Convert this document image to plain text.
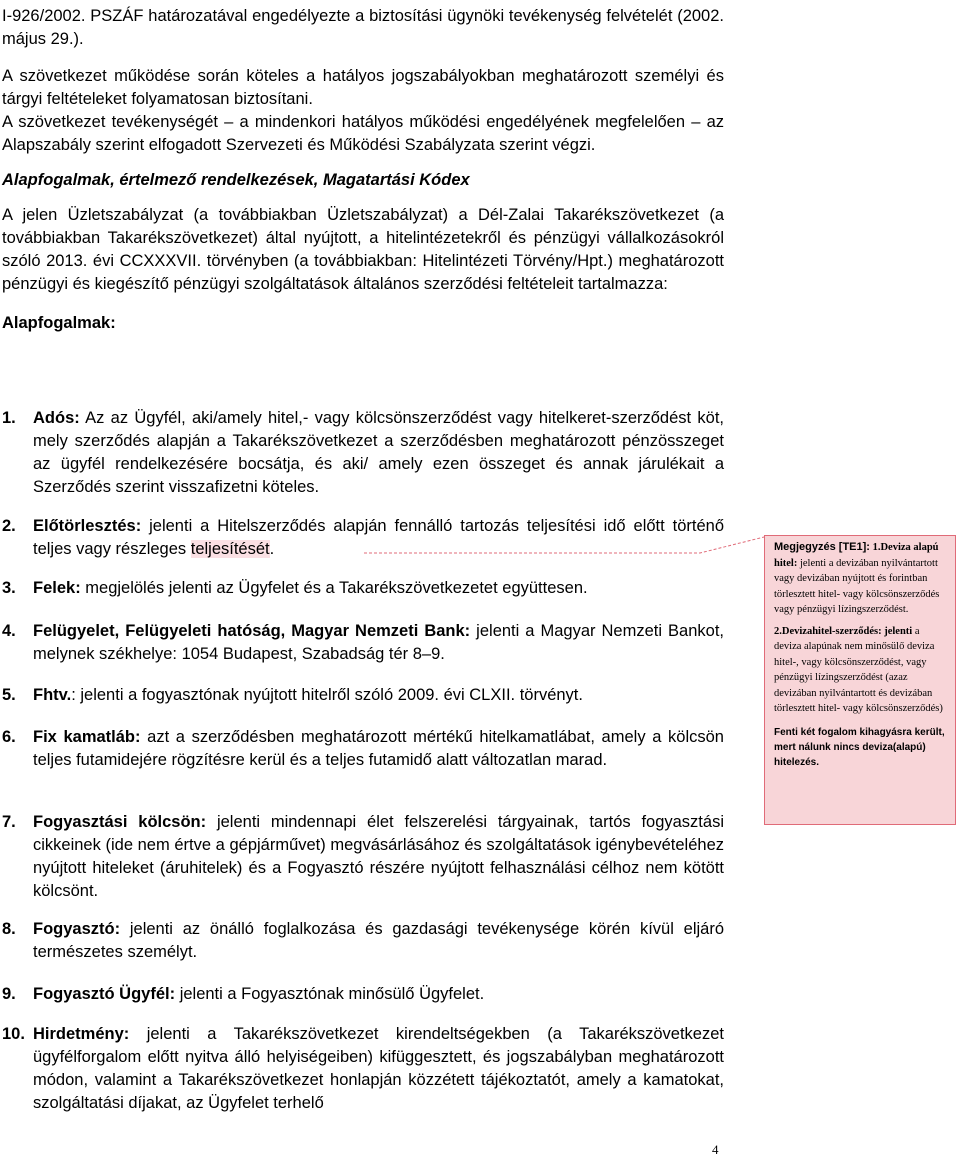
I-926/2002. PSZÁF határozatával engedélyezte a biztosítási ügynöki tevékenység felvételét (2002. május 29.).

A szövetkezet működése során köteles a hatályos jogszabályokban meghatározott személyi és tárgyi feltételeket folyamatosan biztosítani.

A szövetkezet tevékenységét – a mindenkori hatályos működési engedélyének megfelelően – az Alapszabály szerint elfogadott Szervezeti és Működési Szabályzata szerint végzi.

Alapfogalmak, értelmező rendelkezések, Magatartási Kódex

A jelen Üzletszabályzat (a továbbiakban Üzletszabályzat) a Dél-Zalai Takarékszövetkezet (a továbbiakban Takarékszövetkezet) által nyújtott, a hitelintézetekről és pénzügyi vállalkozásokról szóló 2013. évi CCXXXVII. törvényben (a továbbiakban: Hitelintézeti Törvény/Hpt.) meghatározott pénzügyi és kiegészítő pénzügyi szolgáltatások általános szerződési feltételeit tartalmazza:

Alapfogalmak:

1. Adós: Az az Ügyfél, aki/amely hitel,- vagy kölcsönszerződést vagy hitelkeret-szerződést köt, mely szerződés alapján a Takarékszövetkezet a szerződésben meghatározott pénzösszeget az ügyfél rendelkezésére bocsátja, és aki/ amely ezen összeget és annak járulékait a Szerződés szerint visszafizetni köteles.
2. Előtörlesztés: jelenti a Hitelszerződés alapján fennálló tartozás teljesítési idő előtt történő teljes vagy részleges teljesítését.
3. Felek: megjelölés jelenti az Ügyfelet és a Takarékszövetkezetet együttesen.
4. Felügyelet, Felügyeleti hatóság, Magyar Nemzeti Bank: jelenti a Magyar Nemzeti Bankot, melynek székhelye: 1054 Budapest, Szabadság tér 8–9.
5. Fhtv.: jelenti a fogyasztónak nyújtott hitelről szóló 2009. évi CLXII. törvényt.
6. Fix kamatláb: azt a szerződésben meghatározott mértékű hitelkamatlábat, amely a kölcsön teljes futamidejére rögzítésre kerül és a teljes futamidő alatt változatlan marad.
7. Fogyasztási kölcsön: jelenti mindennapi élet felszerelési tárgyainak, tartós fogyasztási cikkeinek (ide nem értve a gépjárművet) megvásárlásához és szolgáltatások igénybevételéhez nyújtott hiteleket (áruhitelek) és a Fogyasztó részére nyújtott felhasználási célhoz nem kötött kölcsönt.
8. Fogyasztó: jelenti az önálló foglalkozása és gazdasági tevékenysége körén kívül eljáró természetes személyt.
9. Fogyasztó Ügyfél: jelenti a Fogyasztónak minősülő Ügyfelet.
10. Hirdetmény: jelenti a Takarékszövetkezet kirendeltségekben (a Takarékszövetkezet ügyfélforgalom előtt nyitva álló helyiségeiben) kifüggesztett, és jogszabályban meghatározott módon, valamint a Takarékszövetkezet honlapján közzétett tájékoztatót, amely a kamatokat, szolgáltatási díjakat, az Ügyfelet terhelő
Megjegyzés [TE1]: 1.Deviza alapú hitel: jelenti a devizában nyilvántartott vagy devizában nyújtott és forintban törlesztett hitel- vagy kölcsönszerződés vagy pénzügyi lízingszerződést.
2.Devizahitel-szerződés: jelenti a deviza alapúnak nem minősülő deviza hitel-, vagy kölcsönszerződést, vagy pénzügyi lízingszerződést (azaz devizában nyilvántartott és devizában törlesztett hitel- vagy kölcsönszerződés)
Fenti két fogalom kihagyásra került, mert nálunk nincs deviza(alapú) hitelezés.
4
